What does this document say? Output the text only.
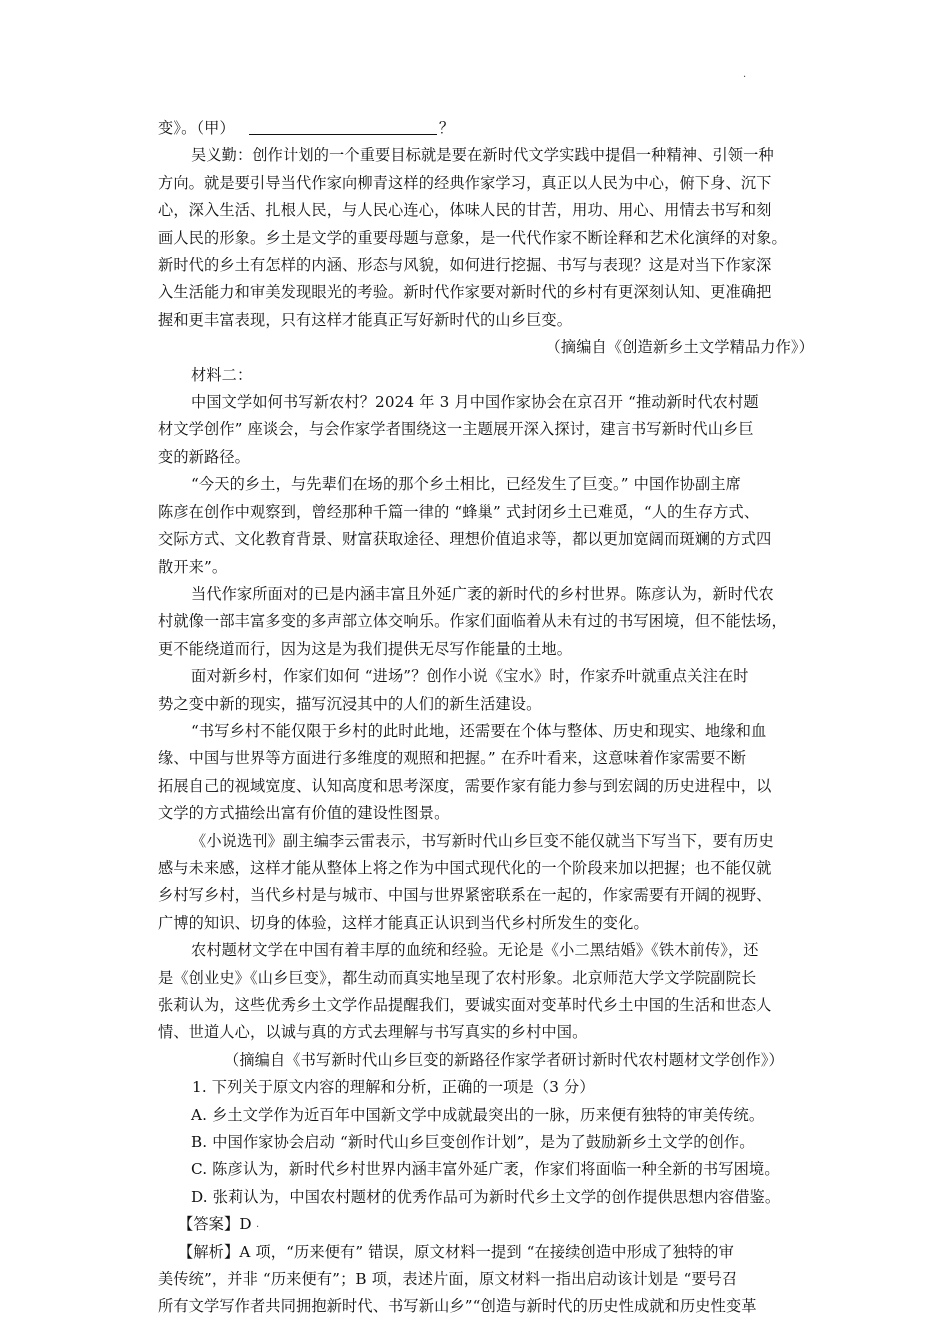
·
变》。（甲）	？
吴义勤：创作计划的一个重要目标就是要在新时代文学实践中提倡一种精神、引领一种
方向。就是要引导当代作家向柳青这样的经典作家学习，真正以人民为中心，俯下身、沉下
心，深入生活、扎根人民，与人民心连心，体味人民的甘苦，用功、用心、用情去书写和刻
画人民的形象。乡土是文学的重要母题与意象，是一代代作家不断诠释和艺术化演绎的对象。
新时代的乡土有怎样的内涵、形态与风貌，如何进行挖掘、书写与表现？这是对当下作家深
入生活能力和审美发现眼光的考验。新时代作家要对新时代的乡村有更深刻认知、更准确把
握和更丰富表现，只有这样才能真正写好新时代的山乡巨变。
（摘编自《创造新乡土文学精品力作》）
材料二：
中国文学如何书写新农村？2024 年 3 月中国作家协会在京召开 “推动新时代农村题
材文学创作” 座谈会，与会作家学者围绕这一主题展开深入探讨，建言书写新时代山乡巨
变的新路径。
“今天的乡土，与先辈们在场的那个乡土相比，已经发生了巨变。” 中国作协副主席
陈彦在创作中观察到，曾经那种千篇一律的 “蜂巢” 式封闭乡土已难觅，“人的生存方式、
交际方式、文化教育背景、财富获取途径、理想价值追求等，都以更加宽阔而斑斓的方式四
散开来”。
当代作家所面对的已是内涵丰富且外延广袤的新时代的乡村世界。陈彦认为，新时代农
村就像一部丰富多变的多声部立体交响乐。作家们面临着从未有过的书写困境，但不能怯场，
更不能绕道而行，因为这是为我们提供无尽写作能量的土地。
面对新乡村，作家们如何 “进场”？创作小说《宝水》时，作家乔叶就重点关注在时
势之变中新的现实，描写沉浸其中的人们的新生活建设。
“书写乡村不能仅限于乡村的此时此地，还需要在个体与整体、历史和现实、地缘和血
缘、中国与世界等方面进行多维度的观照和把握。” 在乔叶看来，这意味着作家需要不断
拓展自己的视域宽度、认知高度和思考深度，需要作家有能力参与到宏阔的历史进程中，以
文学的方式描绘出富有价值的建设性图景。
《小说选刊》副主编李云雷表示，书写新时代山乡巨变不能仅就当下写当下，要有历史
感与未来感，这样才能从整体上将之作为中国式现代化的一个阶段来加以把握；也不能仅就
乡村写乡村，当代乡村是与城市、中国与世界紧密联系在一起的，作家需要有开阔的视野、
广博的知识、切身的体验，这样才能真正认识到当代乡村所发生的变化。
农村题材文学在中国有着丰厚的血统和经验。无论是《小二黑结婚》《铁木前传》，还
是《创业史》《山乡巨变》，都生动而真实地呈现了农村形象。北京师范大学文学院副院长
张莉认为，这些优秀乡土文学作品提醒我们，要诚实面对变革时代乡土中国的生活和世态人
情、世道人心，以诚与真的方式去理解与书写真实的乡村中国。
（摘编自《书写新时代山乡巨变的新路径作家学者研讨新时代农村题材文学创作》）
1. 下列关于原文内容的理解和分析，正确的一项是（3 分）
A. 乡土文学作为近百年中国新文学中成就最突出的一脉，历来便有独特的审美传统。
B. 中国作家协会启动 “新时代山乡巨变创作计划”，是为了鼓励新乡土文学的创作。
C. 陈彦认为，新时代乡村世界内涵丰富外延广袤，作家们将面临一种全新的书写困境。
D. 张莉认为，中国农村题材的优秀作品可为新时代乡土文学的创作提供思想内容借鉴。
【答案】D
【解析】A 项，“历来便有” 错误，原文材料一提到 “在接续创造中形成了独特的审
美传统”，并非 “历来便有”；B 项，表述片面，原文材料一指出启动该计划是 “要号召
所有文学写作者共同拥抱新时代、书写新山乡”“创造与新时代的历史性成就和历史性变革
·
